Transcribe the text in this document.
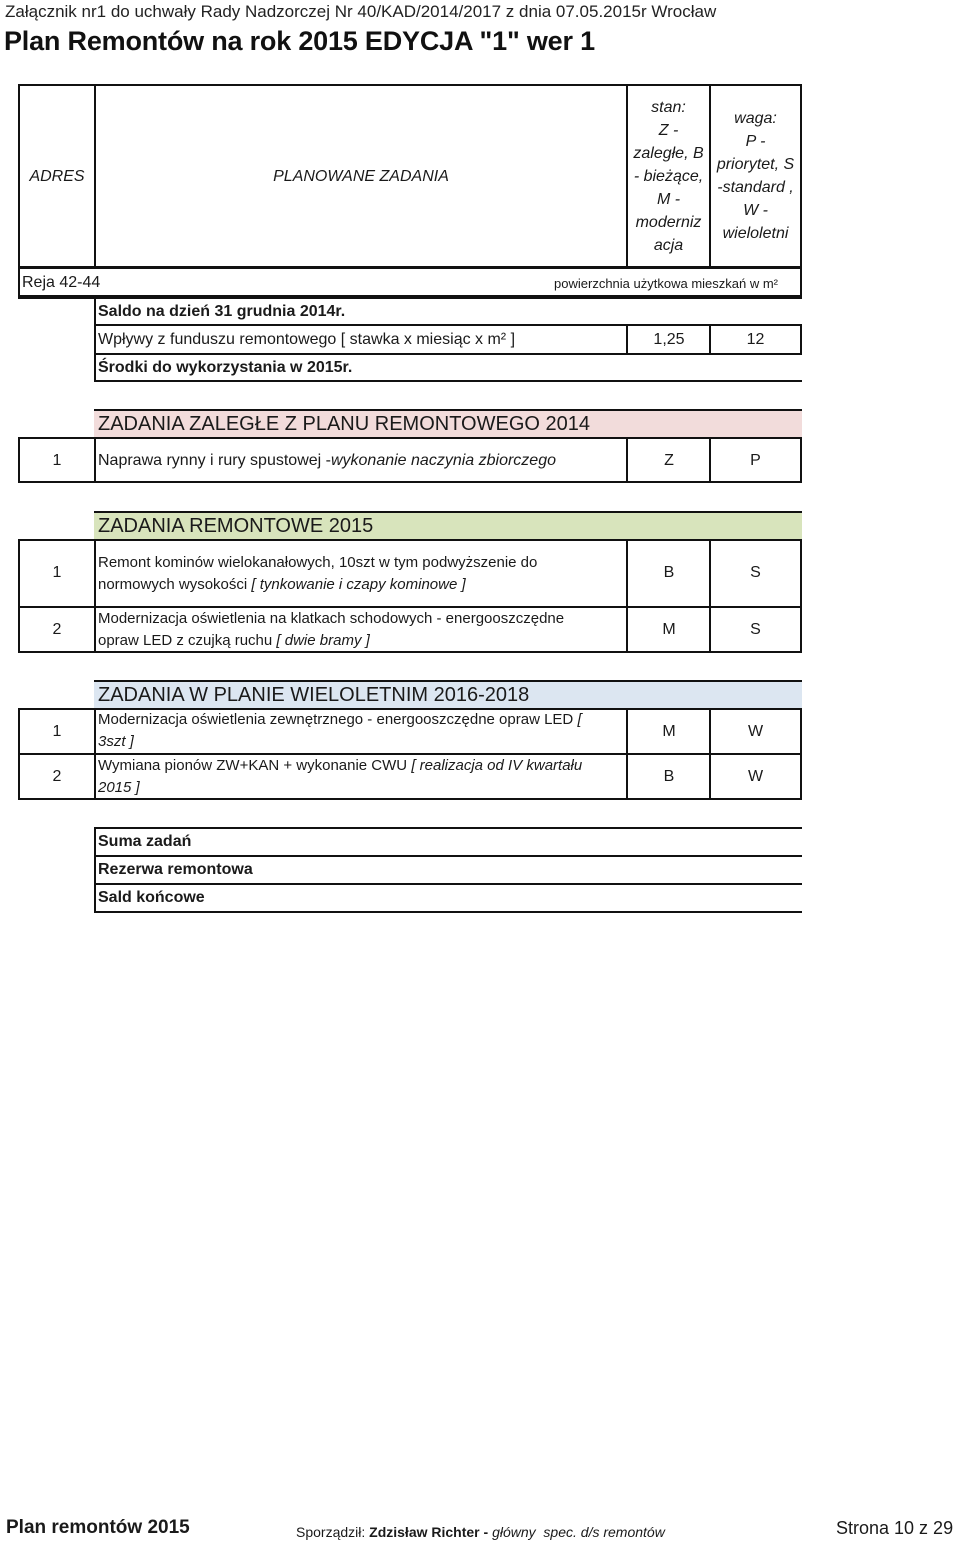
Załącznik nr1 do uchwały Rady Nadzorczej Nr 40/KAD/2014/2017 z dnia 07.05.2015r Wrocław
Plan Remontów na rok 2015 EDYCJA "1" wer 1
ADRES	PLANOWANE ZADANIA
stan:
Z -
zaległe, B
- bieżące,
M -
moderniz
acja
waga:
P -
priorytet, S
-standard ,
W -
wieloletni
Reja 42-44	powierzchnia użytkowa mieszkań w m²
Saldo na dzień 31 grudnia 2014r.
Wpływy z funduszu remontowego [ stawka x miesiąc x m² ]	1,25	12
Środki do wykorzystania w 2015r.
ZADANIA ZALEGŁE Z PLANU REMONTOWEGO 2014
1	Naprawa rynny i rury spustowej - wykonanie naczynia zbiorczego	Z	P
ZADANIA REMONTOWE 2015
1
Remont kominów wielokanałowych, 10szt w tym podwyższenie do
normowych wysokości [ tynkowanie i czapy kominowe ]
B	S
2
Modernizacja oświetlenia na klatkach schodowych - energooszczędne
opraw LED z czujką ruchu [ dwie bramy ]
M	S
ZADANIA W PLANIE WIELOLETNIM 2016-2018
1
Modernizacja oświetlenia zewnętrznego - energooszczędne opraw LED [
3szt ]
M	W
2
Wymiana pionów ZW+KAN + wykonanie CWU [ realizacja od IV kwartału
2015 ]
B	W
Suma zadań
Rezerwa remontowa
Sald końcowe
Plan remontów 2015	Sporządził: Zdzisław Richter - główny  spec. d/s remontów	Strona 10 z 29
